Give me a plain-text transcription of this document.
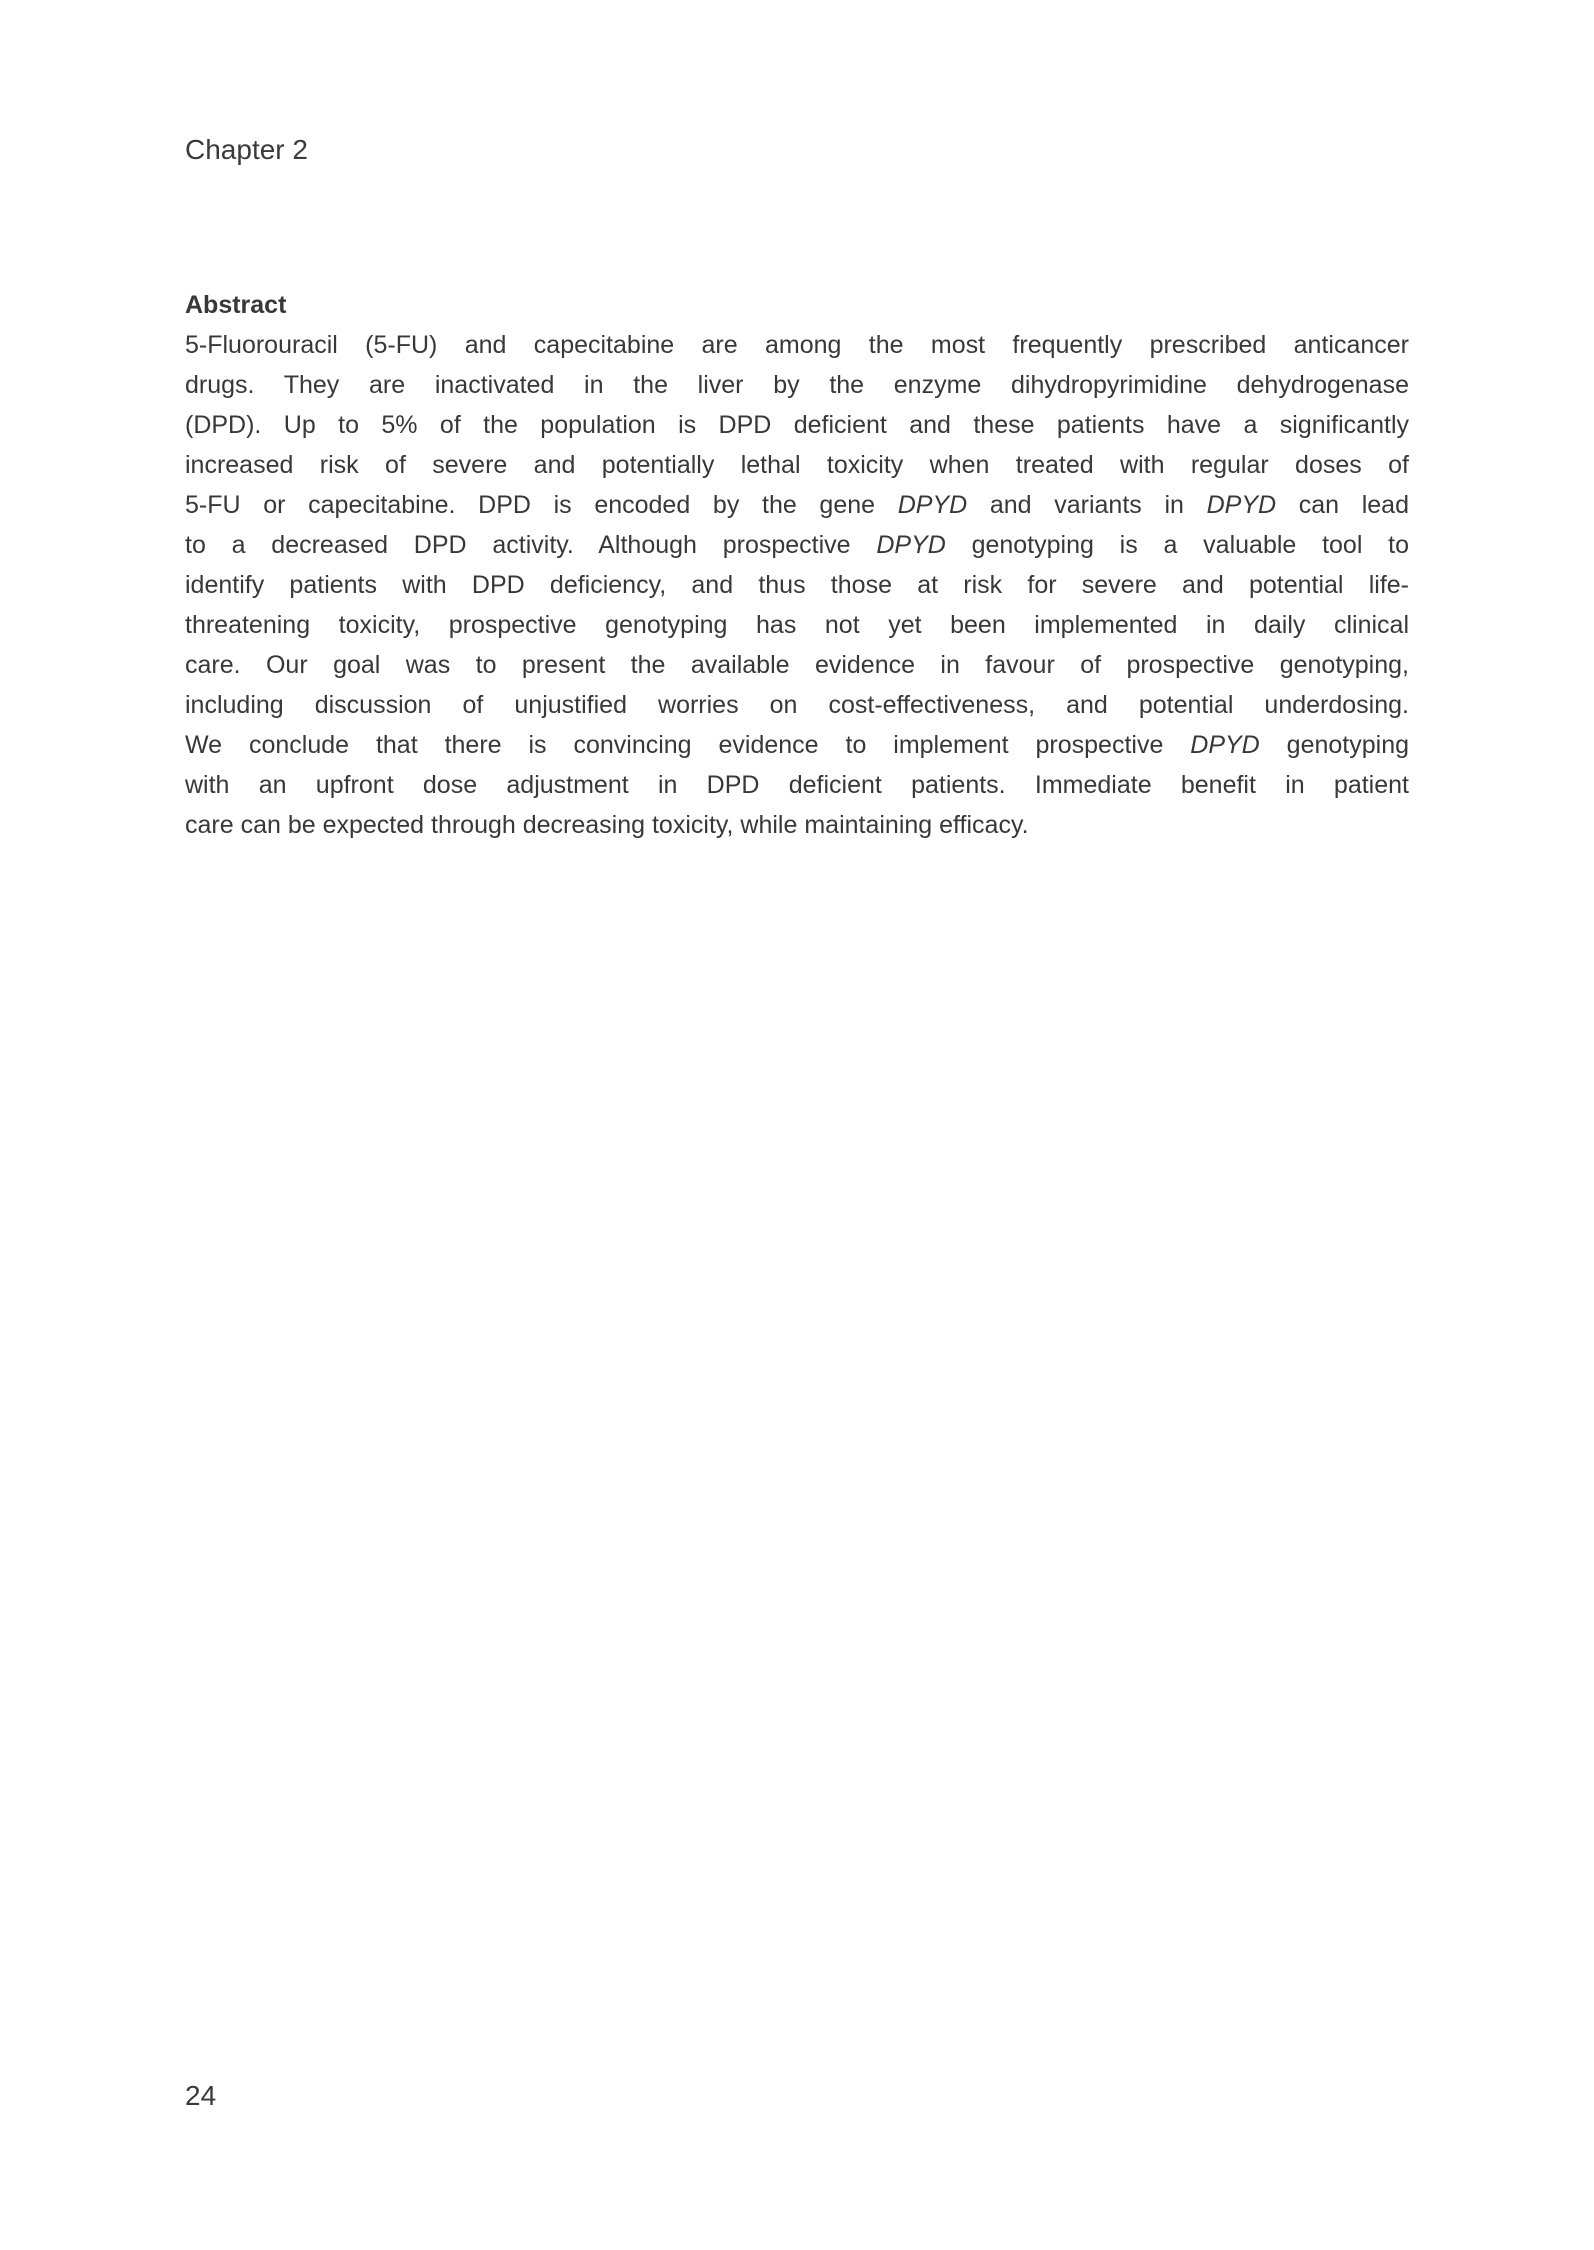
Chapter 2
Abstract
5-Fluorouracil (5-FU) and capecitabine are among the most frequently prescribed anticancer
drugs. They are inactivated in the liver by the enzyme dihydropyrimidine dehydrogenase
(DPD). Up to 5% of the population is DPD deficient and these patients have a significantly
increased risk of severe and potentially lethal toxicity when treated with regular doses of
5-FU or capecitabine. DPD is encoded by the gene DPYD and variants in DPYD can lead
to a decreased DPD activity. Although prospective DPYD genotyping is a valuable tool to
identify patients with DPD deficiency, and thus those at risk for severe and potential life-
threatening toxicity, prospective genotyping has not yet been implemented in daily clinical
care. Our goal was to present the available evidence in favour of prospective genotyping,
including discussion of unjustified worries on cost-effectiveness, and potential underdosing.
We conclude that there is convincing evidence to implement prospective DPYD genotyping
with an upfront dose adjustment in DPD deficient patients. Immediate benefit in patient
care can be expected through decreasing toxicity, while maintaining efficacy.
24
